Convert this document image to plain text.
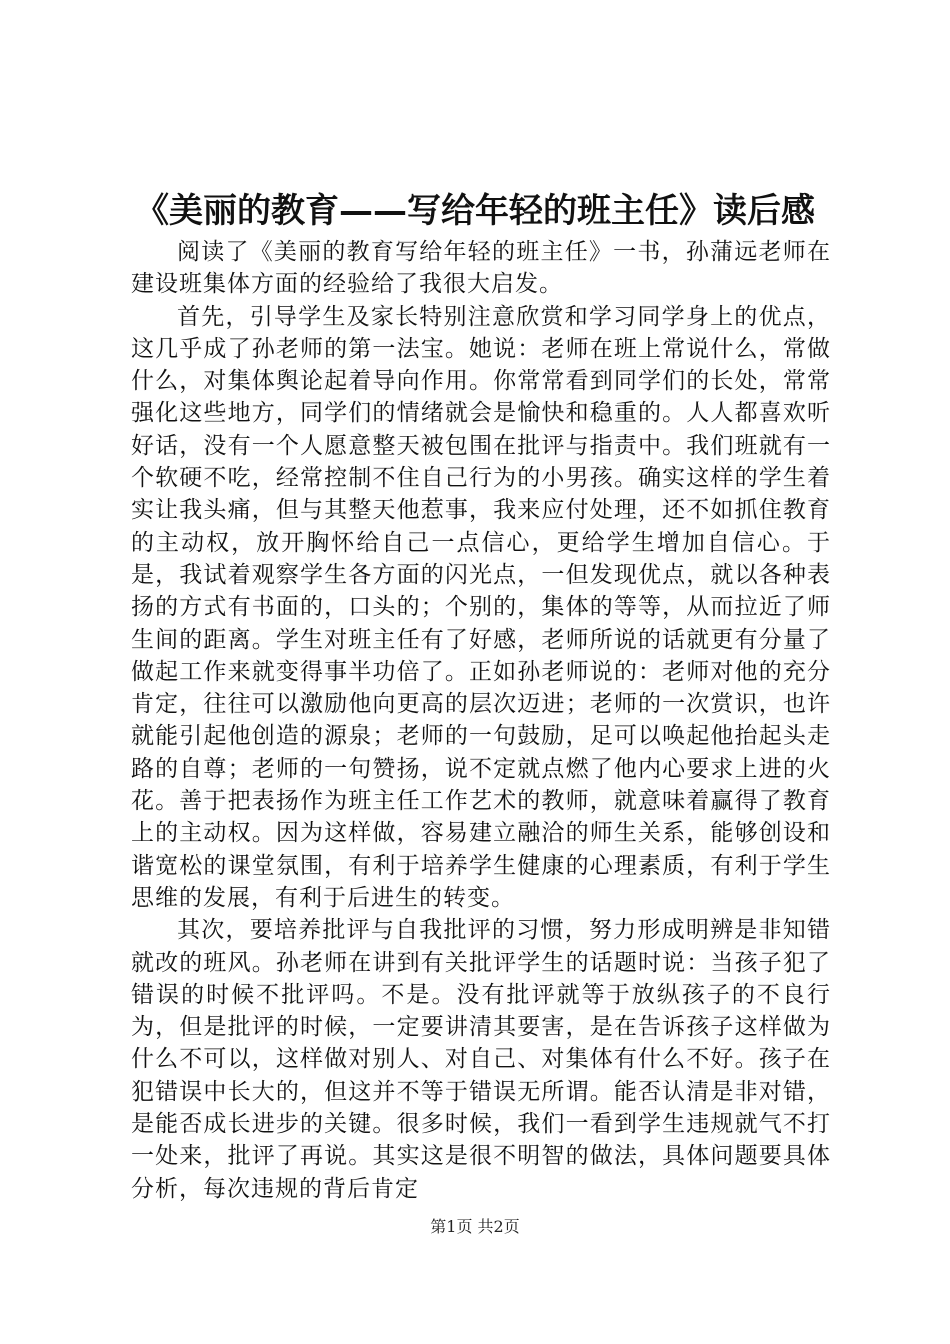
《美丽的教育——写给年轻的班主任》读后感

阅读了《美丽的教育写给年轻的班主任》一书，孙蒲远老师在建设班集体方面的经验给了我很大启发。

首先，引导学生及家长特别注意欣赏和学习同学身上的优点，这几乎成了孙老师的第一法宝。她说：老师在班上常说什么，常做什么，对集体舆论起着导向作用。你常常看到同学们的长处，常常强化这些地方，同学们的情绪就会是愉快和稳重的。人人都喜欢听好话，没有一个人愿意整天被包围在批评与指责中。我们班就有一个软硬不吃，经常控制不住自己行为的小男孩。确实这样的学生着实让我头痛，但与其整天他惹事，我来应付处理，还不如抓住教育的主动权，放开胸怀给自己一点信心，更给学生增加自信心。于是，我试着观察学生各方面的闪光点，一但发现优点，就以各种表扬的方式有书面的，口头的；个别的，集体的等等，从而拉近了师生间的距离。学生对班主任有了好感，老师所说的话就更有分量了做起工作来就变得事半功倍了。正如孙老师说的：老师对他的充分肯定，往往可以激励他向更高的层次迈进；老师的一次赏识，也许就能引起他创造的源泉；老师的一句鼓励，足可以唤起他抬起头走路的自尊；老师的一句赞扬，说不定就点燃了他内心要求上进的火花。善于把表扬作为班主任工作艺术的教师，就意味着赢得了教育上的主动权。因为这样做，容易建立融洽的师生关系，能够创设和谐宽松的课堂氛围，有利于培养学生健康的心理素质，有利于学生思维的发展，有利于后进生的转变。

其次，要培养批评与自我批评的习惯，努力形成明辨是非知错就改的班风。孙老师在讲到有关批评学生的话题时说：当孩子犯了错误的时候不批评吗。不是。没有批评就等于放纵孩子的不良行为，但是批评的时候，一定要讲清其要害，是在告诉孩子这样做为什么不可以，这样做对别人、对自己、对集体有什么不好。孩子在犯错误中长大的，但这并不等于错误无所谓。能否认清是非对错，是能否成长进步的关键。很多时候，我们一看到学生违规就气不打一处来，批评了再说。其实这是很不明智的做法，具体问题要具体分析，每次违规的背后肯定

第1页 共2页
